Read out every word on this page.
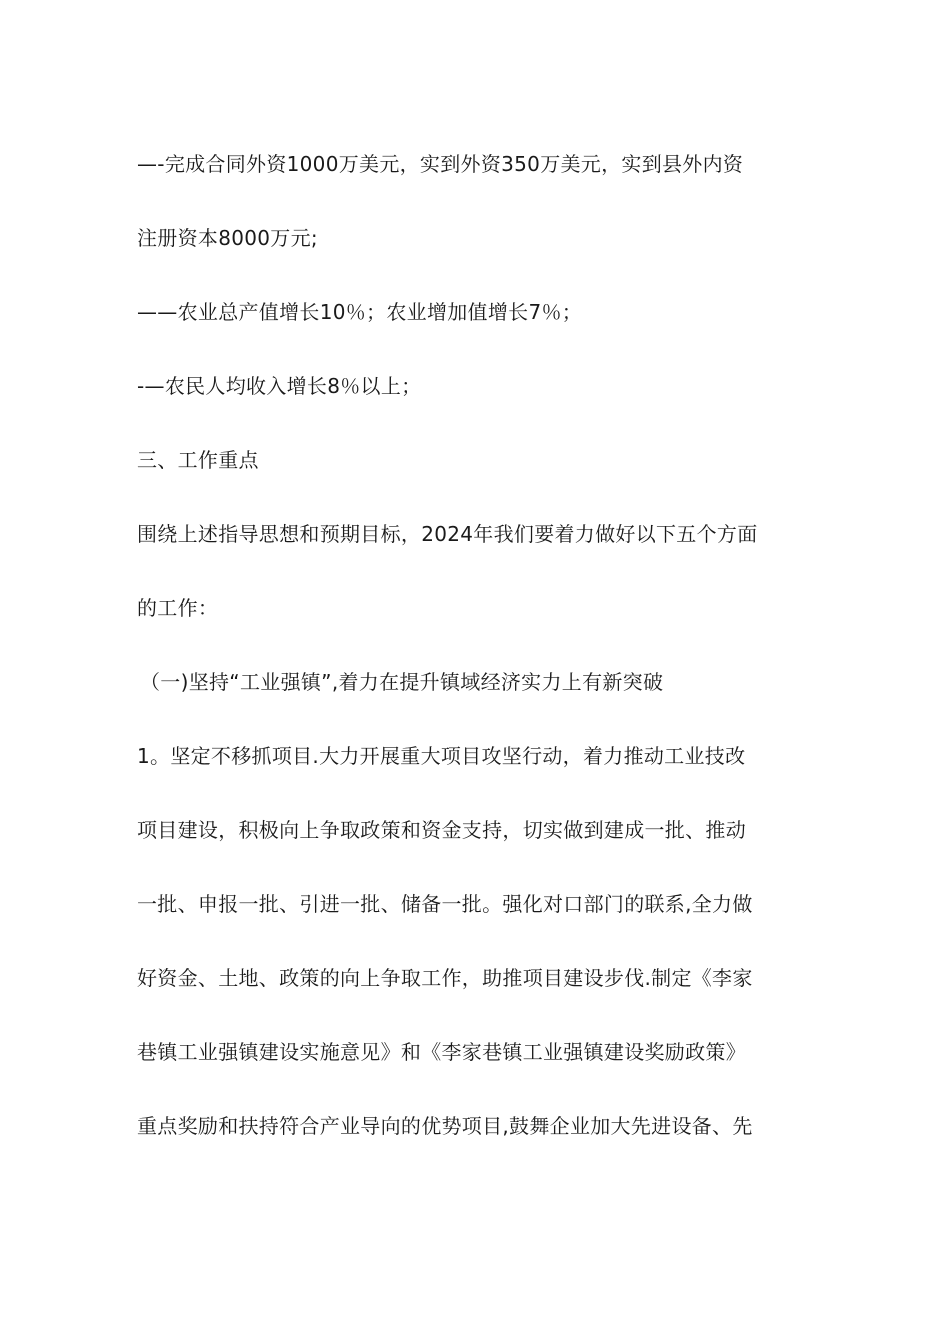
—-完成合同外资1000万美元，实到外资350万美元，实到县外内资
注册资本8000万元;
——农业总产值增长10％；农业增加值增长7％；
-—农民人均收入增长8％以上；
三、工作重点
围绕上述指导思想和预期目标，2024年我们要着力做好以下五个方面
的工作：
（一)坚持“工业强镇”,着力在提升镇域经济实力上有新突破
1。坚定不移抓项目.大力开展重大项目攻坚行动，着力推动工业技改
项目建设，积极向上争取政策和资金支持，切实做到建成一批、推动
一批、申报一批、引进一批、储备一批。强化对口部门的联系,全力做
好资金、土地、政策的向上争取工作，助推项目建设步伐.制定《李家
巷镇工业强镇建设实施意见》和《李家巷镇工业强镇建设奖励政策》
重点奖励和扶持符合产业导向的优势项目,鼓舞企业加大先进设备、先
